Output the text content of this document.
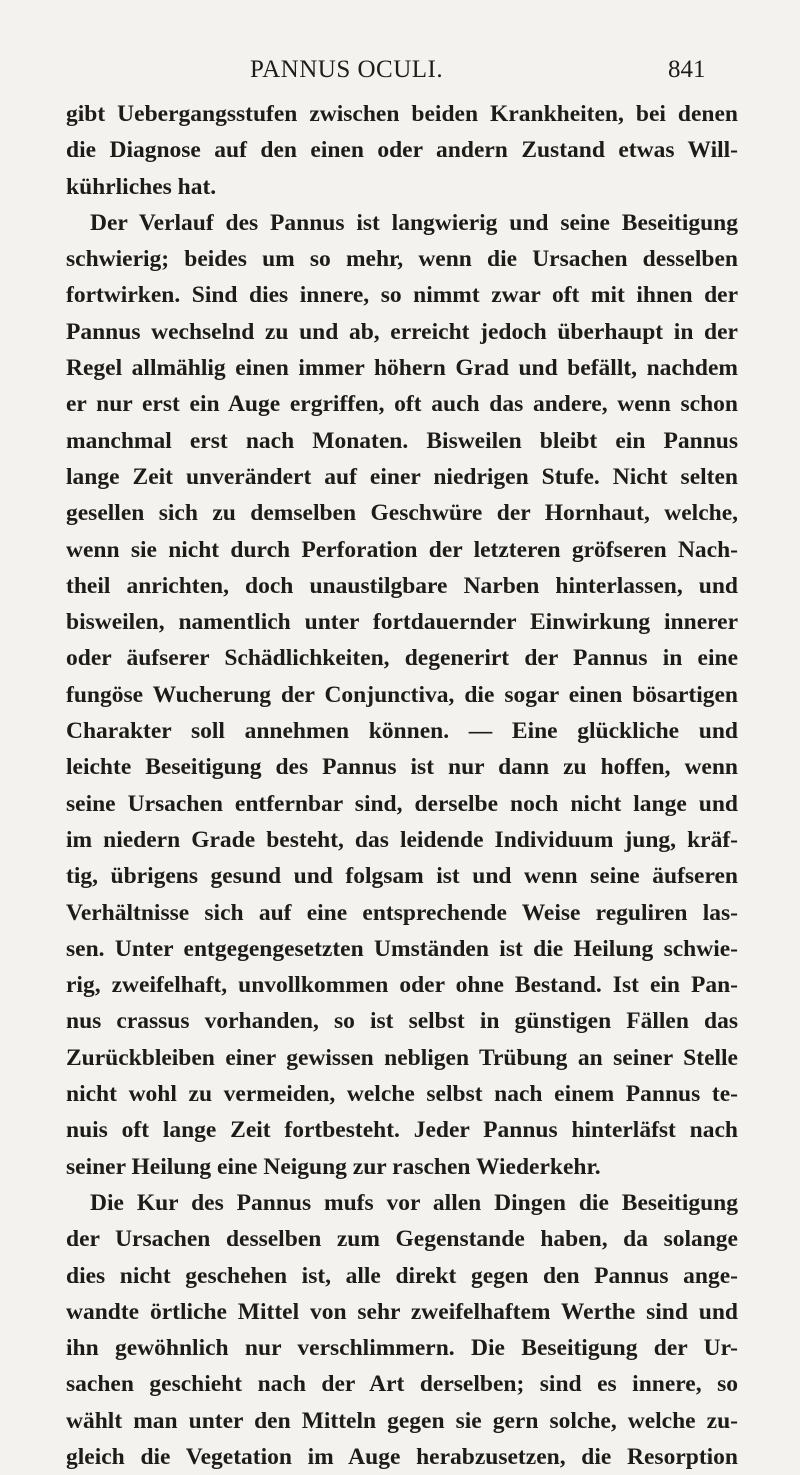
PANNUS OCULI.	841
gibt Uebergangsstufen zwischen beiden Krankheiten, bei denen
die Diagnose auf den einen oder andern Zustand etwas Will-
kührliches hat.
Der Verlauf des Pannus ist langwierig und seine Beseitigung
schwierig; beides um so mehr, wenn die Ursachen desselben
fortwirken. Sind dies innere, so nimmt zwar oft mit ihnen der
Pannus wechselnd zu und ab, erreicht jedoch überhaupt in der
Regel allmählig einen immer höhern Grad und befällt, nachdem
er nur erst ein Auge ergriffen, oft auch das andere, wenn schon
manchmal erst nach Monaten. Bisweilen bleibt ein Pannus
lange Zeit unverändert auf einer niedrigen Stufe. Nicht selten
gesellen sich zu demselben Geschwüre der Hornhaut, welche,
wenn sie nicht durch Perforation der letzteren gröfseren Nach-
theil anrichten, doch unaustilgbare Narben hinterlassen, und
bisweilen, namentlich unter fortdauernder Einwirkung innerer
oder äufserer Schädlichkeiten, degenerirt der Pannus in eine
fungöse Wucherung der Conjunctiva, die sogar einen bösartigen
Charakter soll annehmen können. — Eine glückliche und
leichte Beseitigung des Pannus ist nur dann zu hoffen, wenn
seine Ursachen entfernbar sind, derselbe noch nicht lange und
im niedern Grade besteht, das leidende Individuum jung, kräf-
tig, übrigens gesund und folgsam ist und wenn seine äufseren
Verhältnisse sich auf eine entsprechende Weise reguliren las-
sen. Unter entgegengesetzten Umständen ist die Heilung schwie-
rig, zweifelhaft, unvollkommen oder ohne Bestand. Ist ein Pan-
nus crassus vorhanden, so ist selbst in günstigen Fällen das
Zurückbleiben einer gewissen nebligen Trübung an seiner Stelle
nicht wohl zu vermeiden, welche selbst nach einem Pannus te-
nuis oft lange Zeit fortbesteht. Jeder Pannus hinterläfst nach
seiner Heilung eine Neigung zur raschen Wiederkehr.
Die Kur des Pannus mufs vor allen Dingen die Beseitigung
der Ursachen desselben zum Gegenstande haben, da solange
dies nicht geschehen ist, alle direkt gegen den Pannus ange-
wandte örtliche Mittel von sehr zweifelhaftem Werthe sind und
ihn gewöhnlich nur verschlimmern. Die Beseitigung der Ur-
sachen geschieht nach der Art derselben; sind es innere, so
wählt man unter den Mitteln gegen sie gern solche, welche zu-
gleich die Vegetation im Auge herabzusetzen, die Resorption
